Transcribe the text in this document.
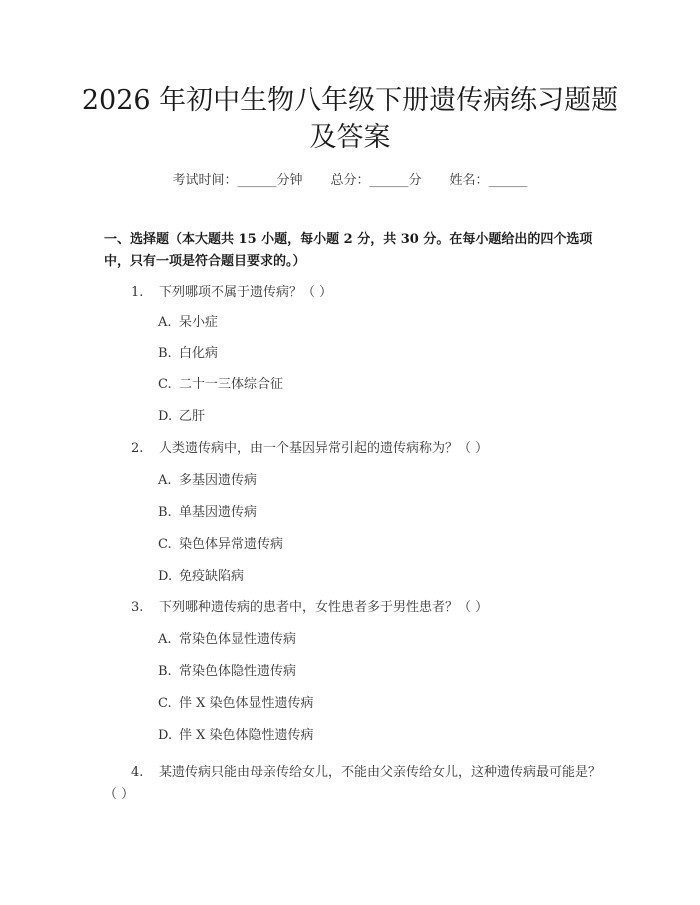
2026 年初中生物八年级下册遗传病练习题题
及答案
考试时间：______分钟 总分：______分 姓名：______
一、选择题（本大题共 15 小题，每小题 2 分，共 30 分。在每小题给出的四个选项中，只有一项是符合题目要求的。）
1. 下列哪项不属于遗传病？（ ）
A. 呆小症
B. 白化病
C. 二十一三体综合征
D. 乙肝
2. 人类遗传病中，由一个基因异常引起的遗传病称为？（ ）
A. 多基因遗传病
B. 单基因遗传病
C. 染色体异常遗传病
D. 免疫缺陷病
3. 下列哪种遗传病的患者中，女性患者多于男性患者？（ ）
A. 常染色体显性遗传病
B. 常染色体隐性遗传病
C. 伴 X 染色体显性遗传病
D. 伴 X 染色体隐性遗传病
4. 某遗传病只能由母亲传给女儿，不能由父亲传给女儿，这种遗传病最可能是？（ ）
